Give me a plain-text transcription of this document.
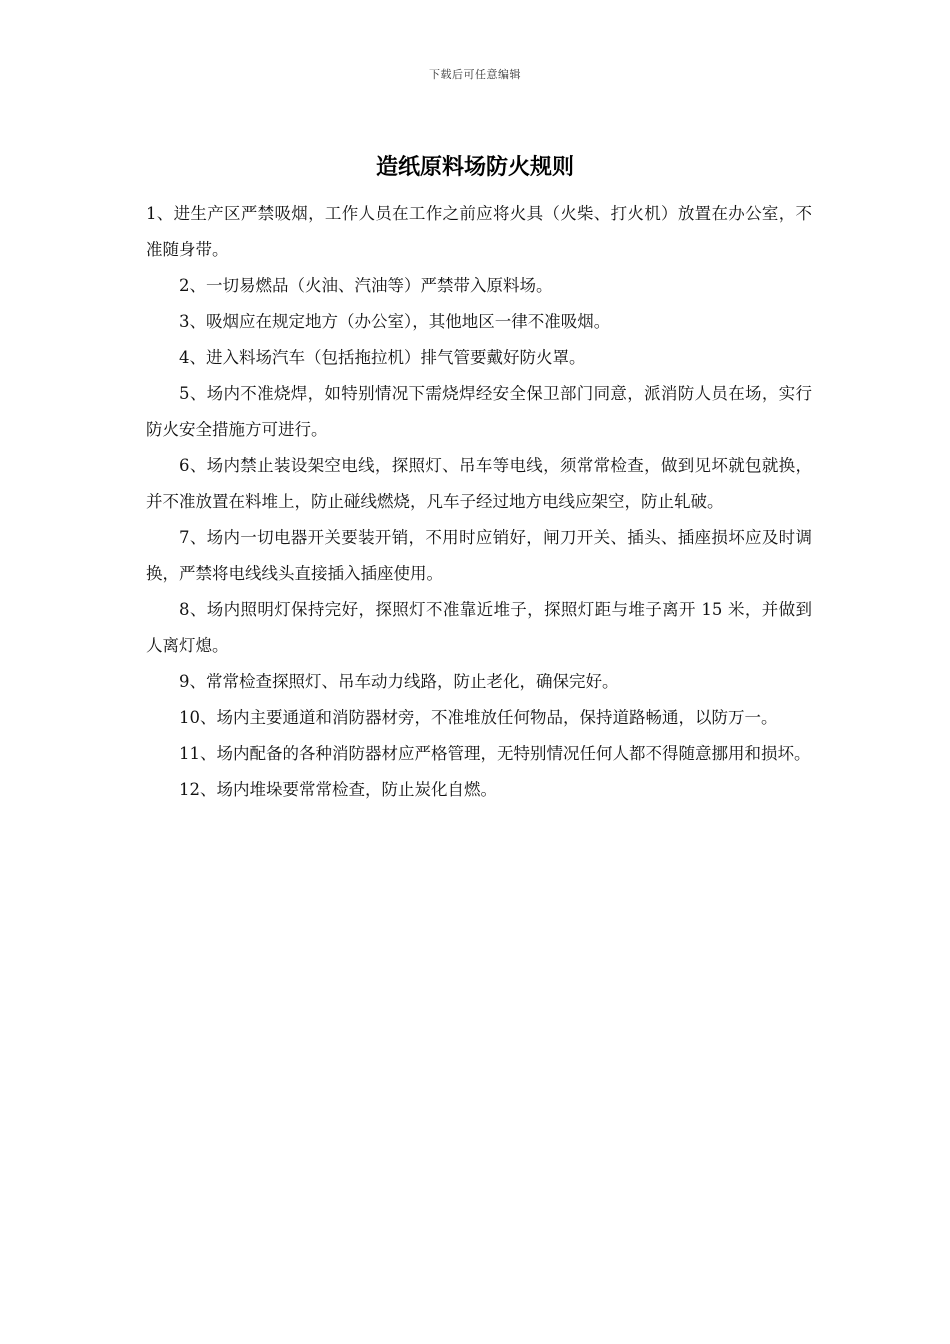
下载后可任意编辑
造纸原料场防火规则

1、进生产区严禁吸烟，工作人员在工作之前应将火具（火柴、打火机）放置在办公室，不准随身带。

2、一切易燃品（火油、汽油等）严禁带入原料场。

3、吸烟应在规定地方（办公室），其他地区一律不准吸烟。

4、进入料场汽车（包括拖拉机）排气管要戴好防火罩。

5、场内不准烧焊，如特别情况下需烧焊经安全保卫部门同意，派消防人员在场，实行防火安全措施方可进行。

6、场内禁止装设架空电线，探照灯、吊车等电线，须常常检查，做到见坏就包就换，并不准放置在料堆上，防止碰线燃烧，凡车子经过地方电线应架空，防止轧破。

7、场内一切电器开关要装开销，不用时应销好，闸刀开关、插头、插座损坏应及时调换，严禁将电线线头直接插入插座使用。

8、场内照明灯保持完好，探照灯不准靠近堆子，探照灯距与堆子离开 15 米，并做到人离灯熄。

9、常常检查探照灯、吊车动力线路，防止老化，确保完好。

10、场内主要通道和消防器材旁，不准堆放任何物品，保持道路畅通，以防万一。

11、场内配备的各种消防器材应严格管理，无特别情况任何人都不得随意挪用和损坏。

12、场内堆垛要常常检查，防止炭化自燃。
